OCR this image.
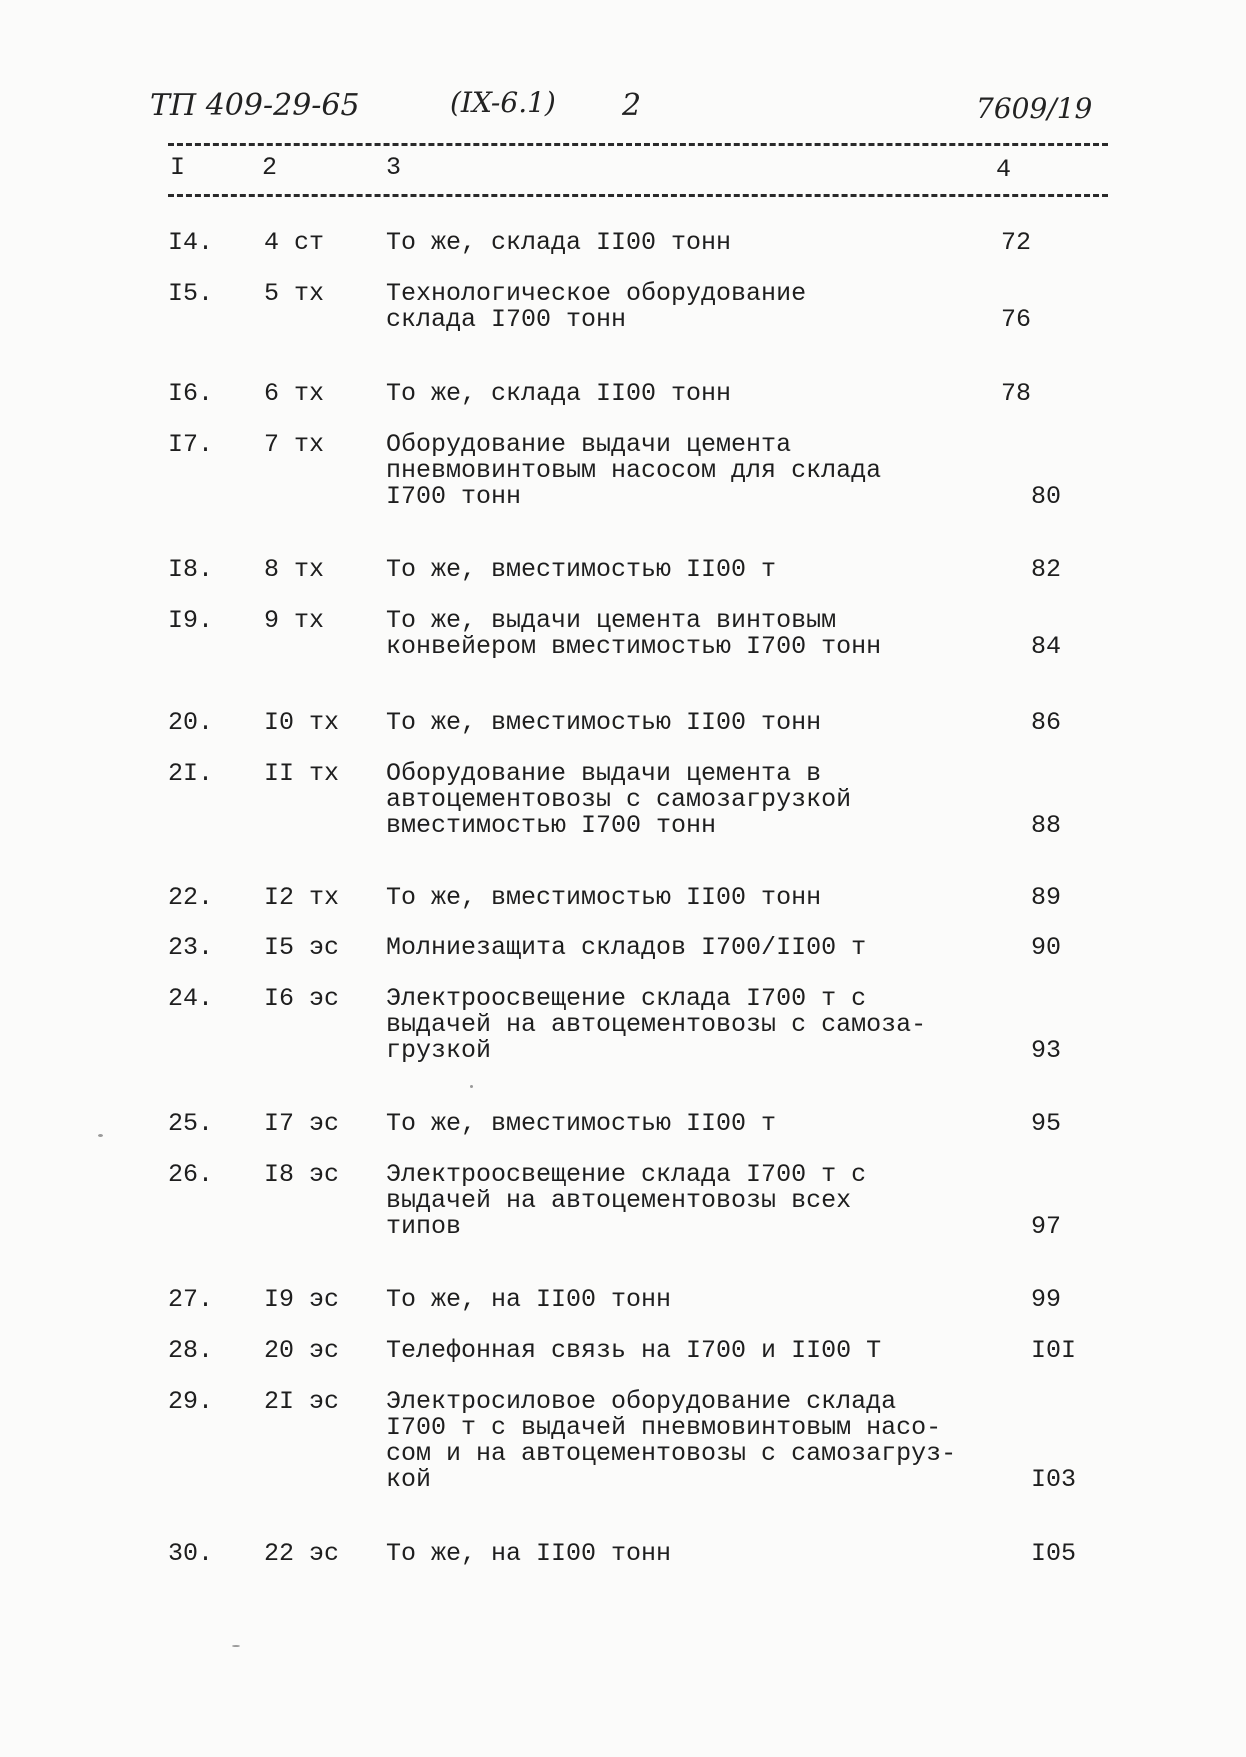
ТП 409-29-65	(IX-6.1) 2	7609/19
I	2	3	4
I4. 4 ст То же, склада II00 тонн	72
I5. 5 тх Технологическое оборудование
склада I700 тонн	76
I6. 6 тх То же, склада II00 тонн	78
I7. 7 тх Оборудование выдачи цемента
пневмовинтовым насосом для склада
I700 тонн	80
I8. 8 тх То же, вместимостью II00 т	82
I9. 9 тх То же, выдачи цемента винтовым
конвейером вместимостью I700 тонн	84
20. I0 тх То же, вместимостью II00 тонн	86
2I. II тх Оборудование выдачи цемента в
автоцементовозы с самозагрузкой
вместимостью I700 тонн	88
22. I2 тх То же, вместимостью II00 тонн	89
23. I5 эс Молниезащита складов I700/II00 т	90
24. I6 эс Электроосвещение склада I700 т с
выдачей на автоцементовозы с самоза-
грузкой	93
25. I7 эс То же, вместимостью II00 т	95
26. I8 эс Электроосвещение склада I700 т с
выдачей на автоцементовозы всех
типов	97
27. I9 эс То же, на II00 тонн	99
28. 20 эс Телефонная связь на I700 и II00 Т	I0I
29. 2I эс Электросиловое оборудование склада
I700 т с выдачей пневмовинтовым насо-
сом и на автоцементовозы с самозагруз-
кой	I03
30. 22 эс То же, на II00 тонн	I05
